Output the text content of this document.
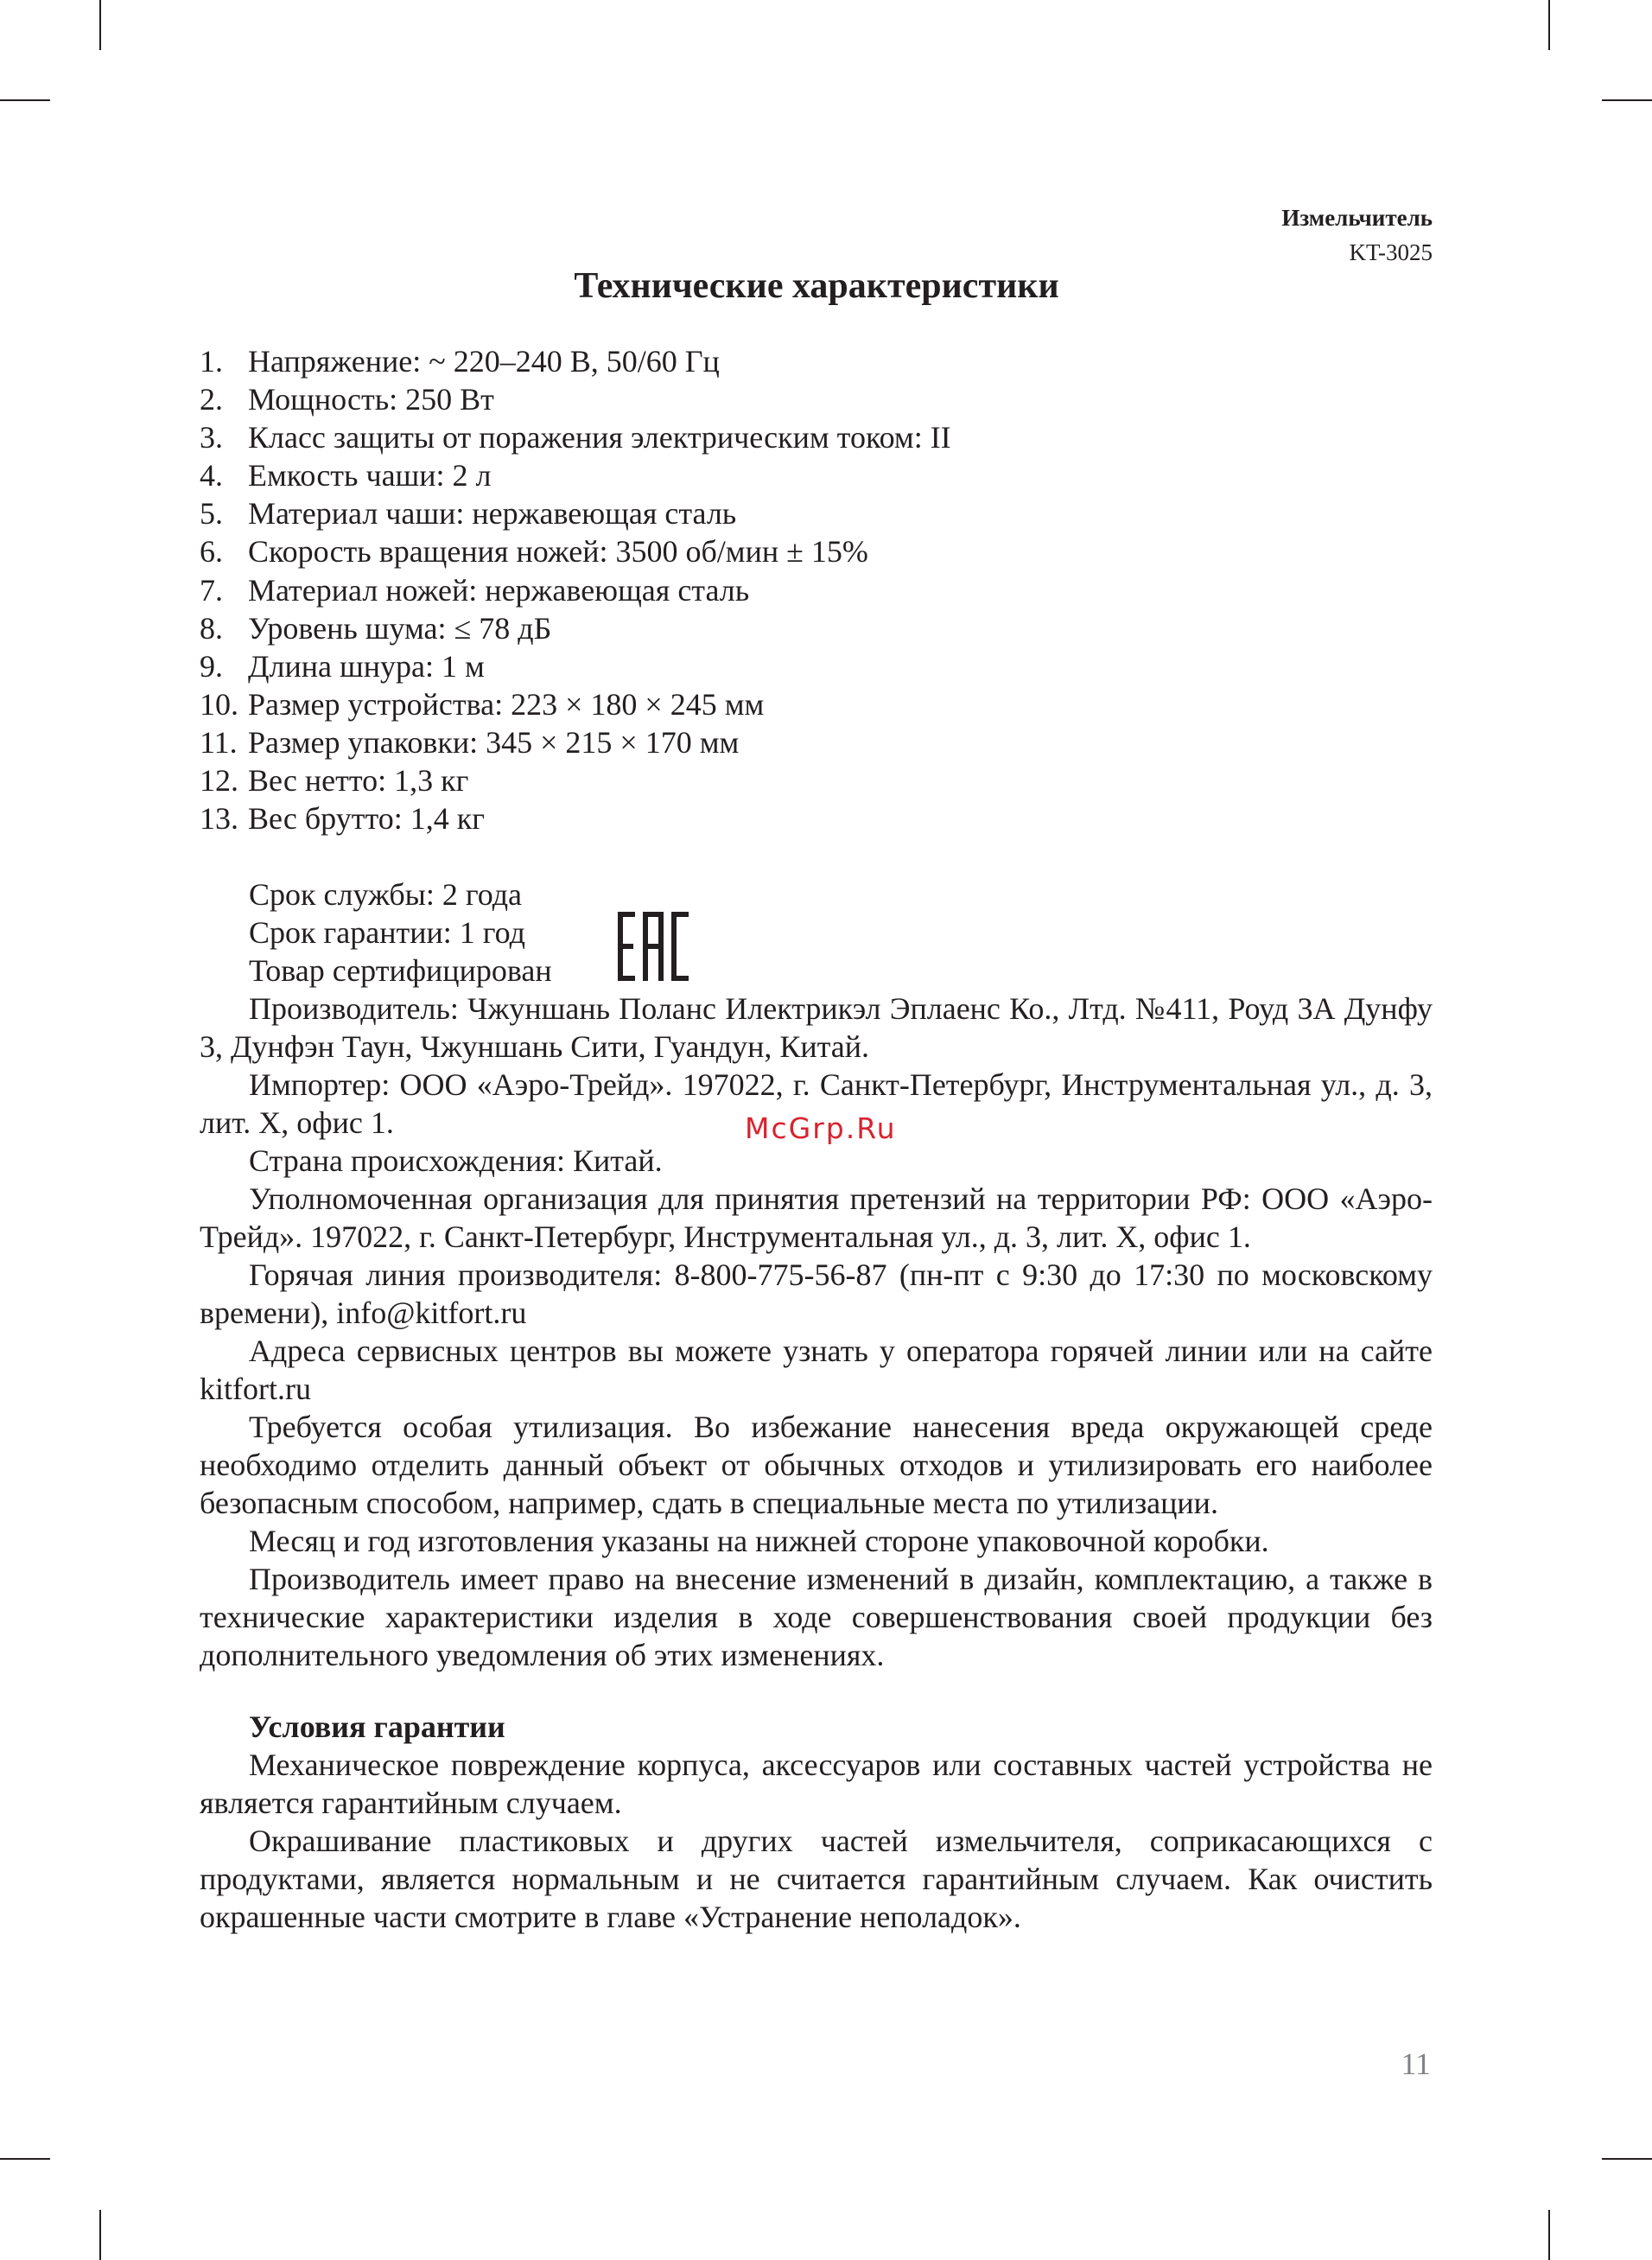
Измельчитель
KT-3025
Технические характеристики
1. Напряжение: ~ 220–240 В, 50/60 Гц
2. Мощность: 250 Вт
3. Класс защиты от поражения электрическим током: II
4. Емкость чаши: 2 л
5. Материал чаши: нержавеющая сталь
6. Скорость вращения ножей: 3500 об/мин ± 15%
7. Материал ножей: нержавеющая сталь
8. Уровень шума: ≤ 78 дБ
9. Длина шнура: 1 м
10. Размер устройства: 223 × 180 × 245 мм
11. Размер упаковки: 345 × 215 × 170 мм
12. Вес нетто: 1,3 кг
13. Вес брутто: 1,4 кг

Срок службы: 2 года

Срок гарантии: 1 год

Товар сертифицирован

Производитель: Чжуншань Поланс Илектрикэл Эплаенс Ко., Лтд. №411, Роуд 3А Дунфу 3, Дунфэн Таун, Чжуншань Сити, Гуандун, Китай.

Импортер: ООО «Аэро-Трейд». 197022, г. Санкт-Петербург, Инструментальная ул., д. 3, лит. Х, офис 1.

Страна происхождения: Китай.

Уполномоченная организация для принятия претензий на территории РФ: ООО «Аэро-Трейд». 197022, г. Санкт-Петербург, Инструментальная ул., д. 3, лит. Х, офис 1.

Горячая линия производителя: 8-800-775-56-87 (пн-пт с 9:30 до 17:30 по московскому времени), info@kitfort.ru

Адреса сервисных центров вы можете узнать у оператора горячей линии или на сайте kitfort.ru

Требуется особая утилизация. Во избежание нанесения вреда окружающей среде необходимо отделить данный объект от обычных отходов и утилизировать его наиболее безопасным способом, например, сдать в специальные места по утилизации.

Месяц и год изготовления указаны на нижней стороне упаковочной коробки.

Производитель имеет право на внесение изменений в дизайн, комплектацию, а также в технические характеристики изделия в ходе совершенствования своей продукции без дополнительного уведомления об этих изменениях.

McGrp.Ru
Условия гарантии

Механическое повреждение корпуса, аксессуаров или составных частей устройства не является гарантийным случаем.

Окрашивание пластиковых и других частей измельчителя, соприкасающихся с продуктами, является нормальным и не считается гарантийным случаем. Как очистить окрашенные части смотрите в главе «Устранение неполадок».

11
